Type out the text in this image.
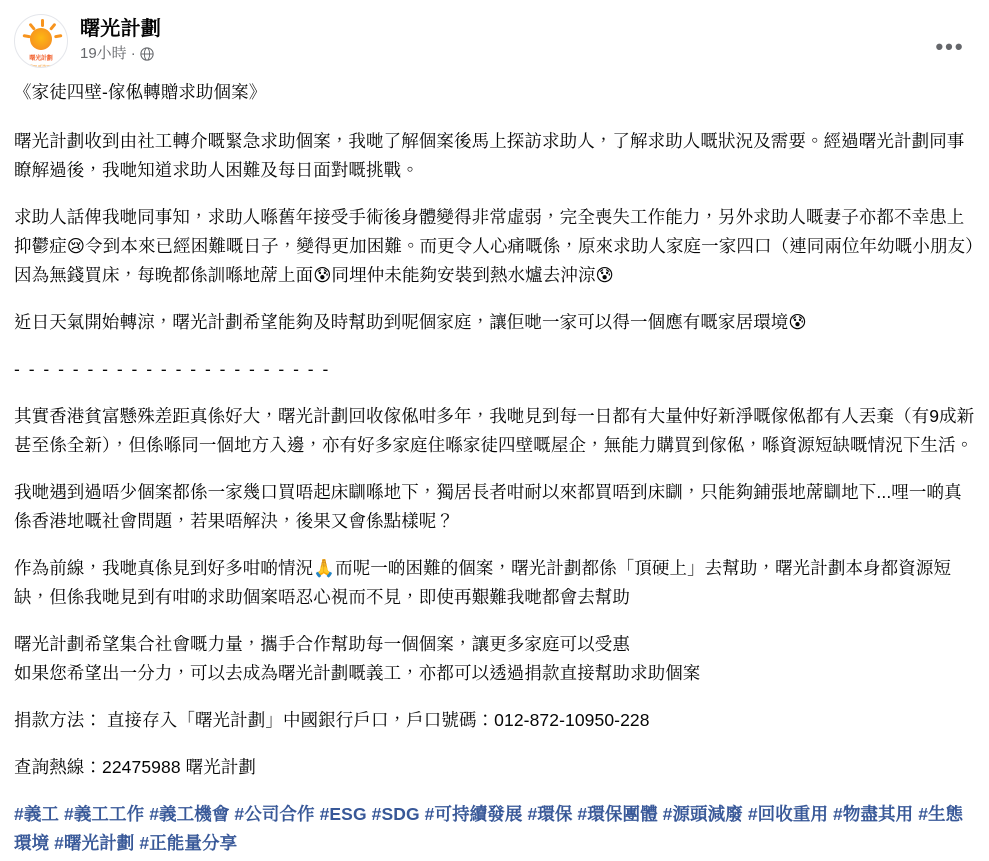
曙光計劃
Ray of Hope
曙光計劃
19小時 ·	•••

《家徒四壁-傢俬轉贈求助個案》

曙光計劃收到由社工轉介嘅緊急求助個案，我哋了解個案後馬上探訪求助人，了解求助人嘅狀況及需要。經過曙光計劃同事瞭解過後，我哋知道求助人困難及每日面對嘅挑戰。

求助人話俾我哋同事知，求助人喺舊年接受手術後身體變得非常虛弱，完全喪失工作能力，另外求助人嘅妻子亦都不幸患上抑鬱症😢令到本來已經困難嘅日子，變得更加困難。而更令人心痛嘅係，原來求助人家庭一家四口（連同兩位年幼嘅小朋友）因為無錢買床，每晚都係訓喺地蓆上面😰同埋仲未能夠安裝到熱水爐去沖涼😰

近日天氣開始轉涼，曙光計劃希望能夠及時幫助到呢個家庭，讓佢哋一家可以得一個應有嘅家居環境😰

- - - - - - - - - - - - - - - - - - - - - -

其實香港貧富懸殊差距真係好大，曙光計劃回收傢俬咁多年，我哋見到每一日都有大量仲好新淨嘅傢俬都有人丟棄（有9成新甚至係全新），但係喺同一個地方入邊，亦有好多家庭住喺家徒四壁嘅屋企，無能力購買到傢俬，喺資源短缺嘅情況下生活。

我哋遇到過唔少個案都係一家幾口買唔起床瞓喺地下，獨居長者咁耐以來都買唔到床瞓，只能夠鋪張地蓆瞓地下...哩一啲真係香港地嘅社會問題，若果唔解決，後果又會係點樣呢？

作為前線，我哋真係見到好多咁啲情況🙏而呢一啲困難的個案，曙光計劃都係「頂硬上」去幫助，曙光計劃本身都資源短缺，但係我哋見到有咁啲求助個案唔忍心視而不見，即使再艱難我哋都會去幫助

曙光計劃希望集合社會嘅力量，攜手合作幫助每一個個案，讓更多家庭可以受惠

如果您希望出一分力，可以去成為曙光計劃嘅義工，亦都可以透過捐款直接幫助求助個案

捐款方法： 直接存入「曙光計劃」中國銀行戶口，戶口號碼：012-872-10950-228

查詢熱線：22475988 曙光計劃

#義工 #義工工作 #義工機會 #公司合作 #ESG #SDG #可持續發展 #環保 #環保團體 #源頭減廢 #回收重用 #物盡其用 #生態環境 #曙光計劃 #正能量分享
